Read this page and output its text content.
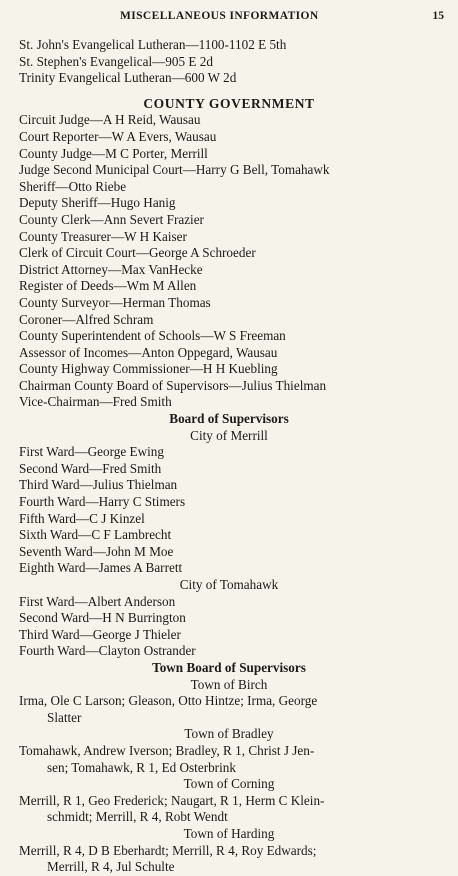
MISCELLANEOUS INFORMATION	15
St. John's Evangelical Lutheran—1100-1102 E 5th
St. Stephen's Evangelical—905 E 2d
Trinity Evangelical Lutheran—600 W 2d
COUNTY GOVERNMENT
Circuit Judge—A H Reid, Wausau
Court Reporter—W A Evers, Wausau
County Judge—M C Porter, Merrill
Judge Second Municipal Court—Harry G Bell, Tomahawk
Sheriff—Otto Riebe
Deputy Sheriff—Hugo Hanig
County Clerk—Ann Severt Frazier
County Treasurer—W H Kaiser
Clerk of Circuit Court—George A Schroeder
District Attorney—Max VanHecke
Register of Deeds—Wm M Allen
County Surveyor—Herman Thomas
Coroner—Alfred Schram
County Superintendent of Schools—W S Freeman
Assessor of Incomes—Anton Oppegard, Wausau
County Highway Commissioner—H H Kuebling
Chairman County Board of Supervisors—Julius Thielman
Vice-Chairman—Fred Smith
Board of Supervisors
City of Merrill
First Ward—George Ewing
Second Ward—Fred Smith
Third Ward—Julius Thielman
Fourth Ward—Harry C Stimers
Fifth Ward—C J Kinzel
Sixth Ward—C F Lambrecht
Seventh Ward—John M Moe
Eighth Ward—James A Barrett
City of Tomahawk
First Ward—Albert Anderson
Second Ward—H N Burrington
Third Ward—George J Thieler
Fourth Ward—Clayton Ostrander
Town Board of Supervisors
Town of Birch
Irma, Ole C Larson; Gleason, Otto Hintze; Irma, George
Slatter
Town of Bradley
Tomahawk, Andrew Iverson; Bradley, R 1, Christ J Jen-
sen; Tomahawk, R 1, Ed Osterbrink
Town of Corning
Merrill, R 1, Geo Frederick; Naugart, R 1, Herm C Klein-
schmidt; Merrill, R 4, Robt Wendt
Town of Harding
Merrill, R 4, D B Eberhardt; Merrill, R 4, Roy Edwards;
Merrill, R 4, Jul Schulte
